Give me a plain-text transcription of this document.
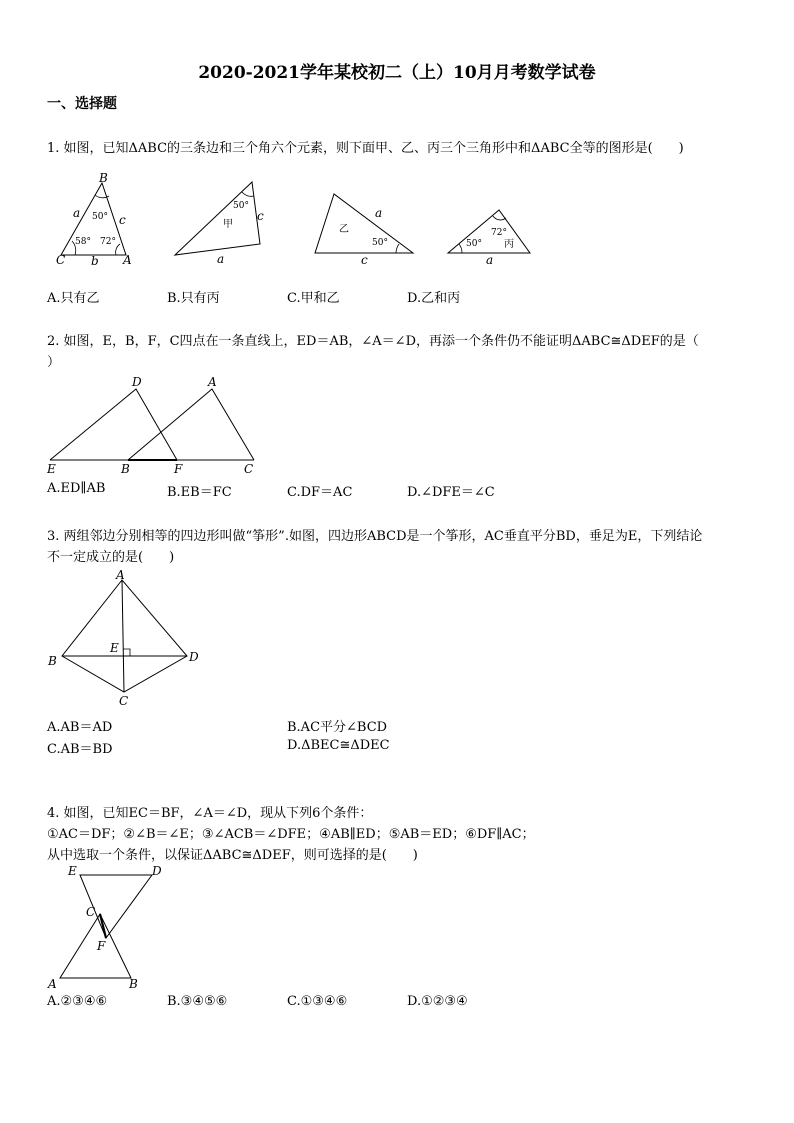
2020-2021学年某校初二（上）10月月考数学试卷
一、选择题
1. 如图，已知ΔABC的三条边和三个角六个元素，则下面甲、乙、丙三个三角形中和ΔABC全等的图形是(　　)
B
C	A
a	c
b
50°
58° 72°
50°
甲
c
a
乙
50°
a
c
72°
50° 丙
a
A.只有乙	B.只有丙	C.甲和乙	D.乙和丙
2. 如图，E，B，F，C四点在一条直线上，ED＝AB，∠A＝∠D，再添一个条件仍不能证明ΔABC≅ΔDEF的是（
）
D	A
E	B	F	C
A.ED∥AB	B.EB＝FC	C.DF＝AC	D.∠DFE＝∠C
3. 两组邻边分别相等的四边形叫做“筝形”.如图，四边形ABCD是一个筝形，AC垂直平分BD，垂足为E，下列结论
不一定成立的是(　　)
A
B
C
D
E
A.AB＝AD	B.AC平分∠BCD
C.AB＝BD	D.ΔBEC≅ΔDEC
4. 如图，已知EC＝BF，∠A＝∠D，现从下列6个条件：
①AC＝DF；②∠B＝∠E；③∠ACB＝∠DFE；④AB∥ED；⑤AB＝ED；⑥DF∥AC；
从中选取一个条件，以保证ΔABC≅ΔDEF，则可选择的是(　　)
E	D
C
F
A	B
A.②③④⑥	B.③④⑤⑥	C.①③④⑥	D.①②③④
